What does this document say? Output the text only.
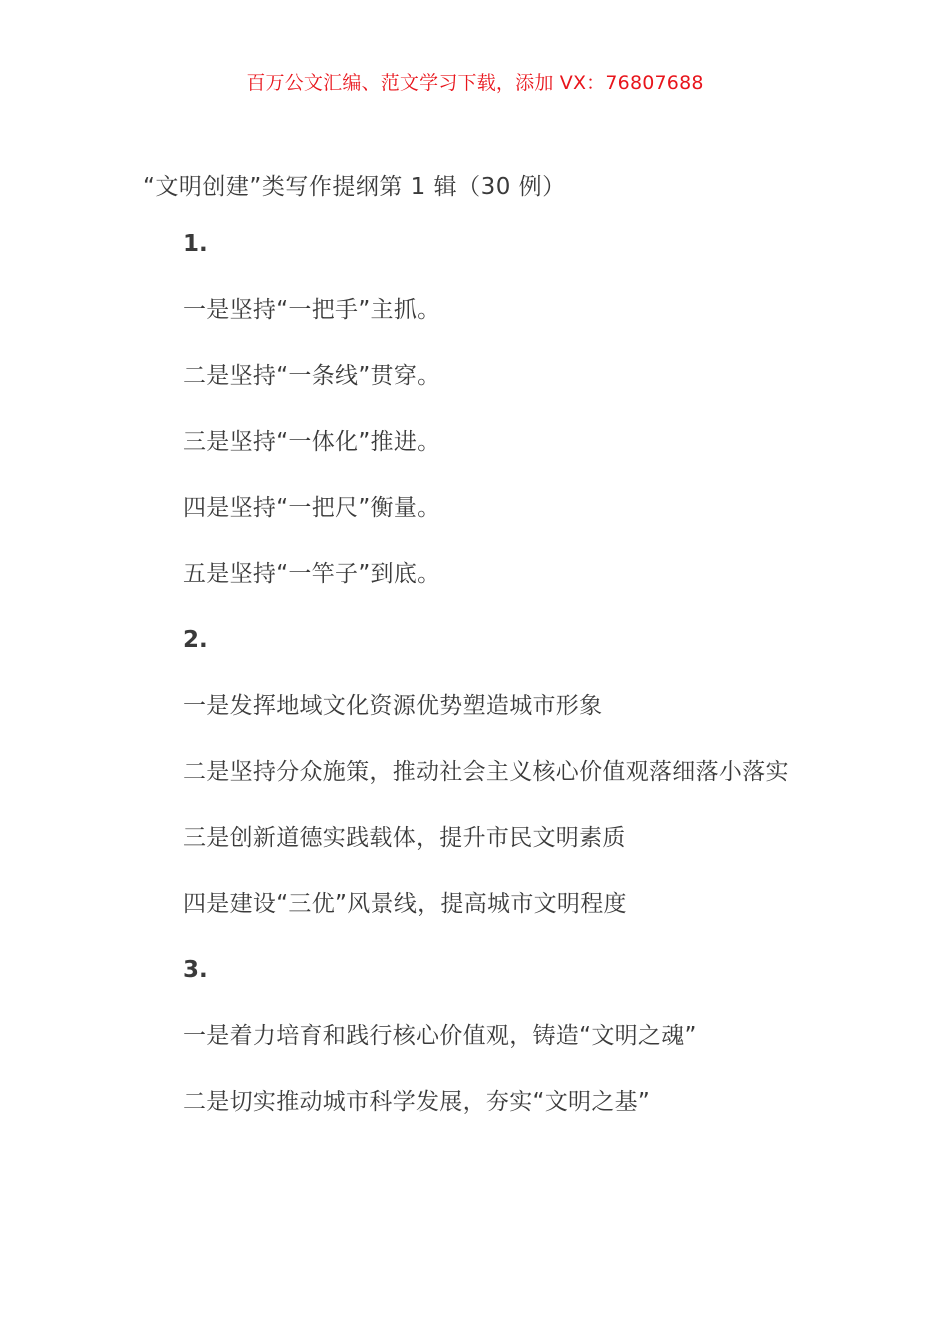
百万公文汇编、范文学习下载，添加 VX：76807688
“文明创建”类写作提纲第 1 辑（30 例）
1.
一是坚持“一把手”主抓。
二是坚持“一条线”贯穿。
三是坚持“一体化”推进。
四是坚持“一把尺”衡量。
五是坚持“一竿子”到底。
2.
一是发挥地域文化资源优势塑造城市形象
二是坚持分众施策，推动社会主义核心价值观落细落小落实
三是创新道德实践载体，提升市民文明素质
四是建设“三优”风景线，提高城市文明程度
3.
一是着力培育和践行核心价值观，铸造“文明之魂”
二是切实推动城市科学发展，夯实“文明之基”
